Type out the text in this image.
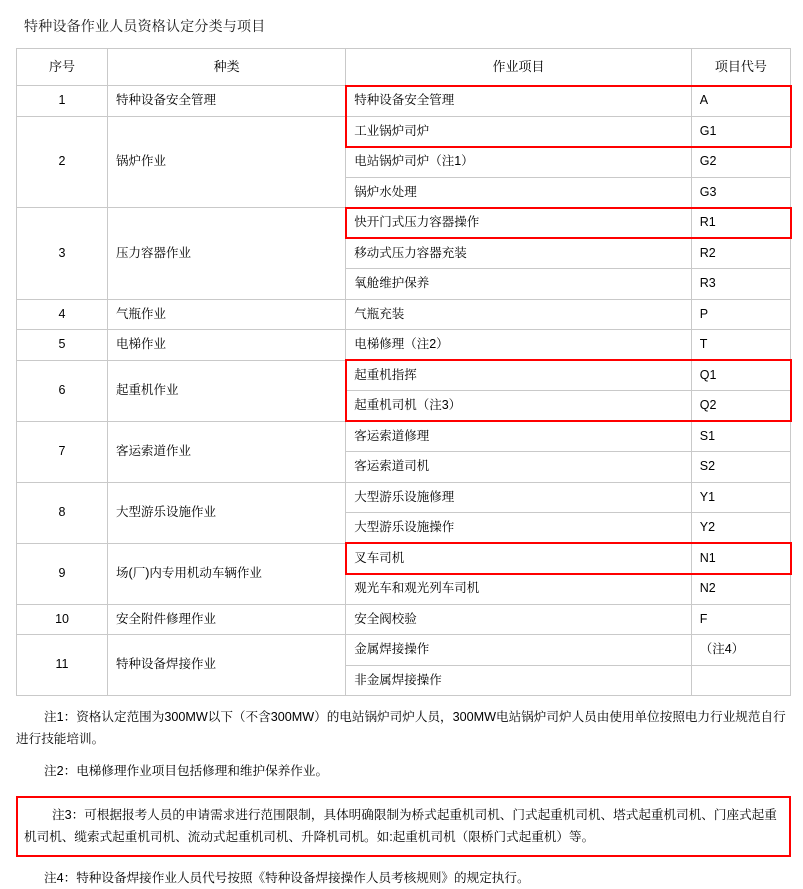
特种设备作业人员资格认定分类与项目
序号	种类	作业项目	项目代号
1	特种设备安全管理	特种设备安全管理	A
2	锅炉作业	工业锅炉司炉	G1
		电站锅炉司炉（注1）	G2
		锅炉水处理	G3
3	压力容器作业	快开门式压力容器操作	R1
		移动式压力容器充装	R2
		氧舱维护保养	R3
4	气瓶作业	气瓶充装	P
5	电梯作业	电梯修理（注2）	T
6	起重机作业	起重机指挥	Q1
		起重机司机（注3）	Q2
7	客运索道作业	客运索道修理	S1
		客运索道司机	S2
8	大型游乐设施作业	大型游乐设施修理	Y1
		大型游乐设施操作	Y2
9	场(厂)内专用机动车辆作业	叉车司机	N1
		观光车和观光列车司机	N2
10	安全附件修理作业	安全阀校验	F
11	特种设备焊接作业	金属焊接操作	（注4）
		非金属焊接操作	

注1：资格认定范围为300MW以下（不含300MW）的电站锅炉司炉人员，300MW电站锅炉司炉人员由使用单位按照电力行业规范自行进行技能培训。

注2：电梯修理作业项目包括修理和维护保养作业。

注3：可根据报考人员的申请需求进行范围限制，具体明确限制为桥式起重机司机、门式起重机司机、塔式起重机司机、门座式起重机司机、缆索式起重机司机、流动式起重机司机、升降机司机。如:起重机司机（限桥门式起重机）等。

注4：特种设备焊接作业人员代号按照《特种设备焊接操作人员考核规则》的规定执行。
